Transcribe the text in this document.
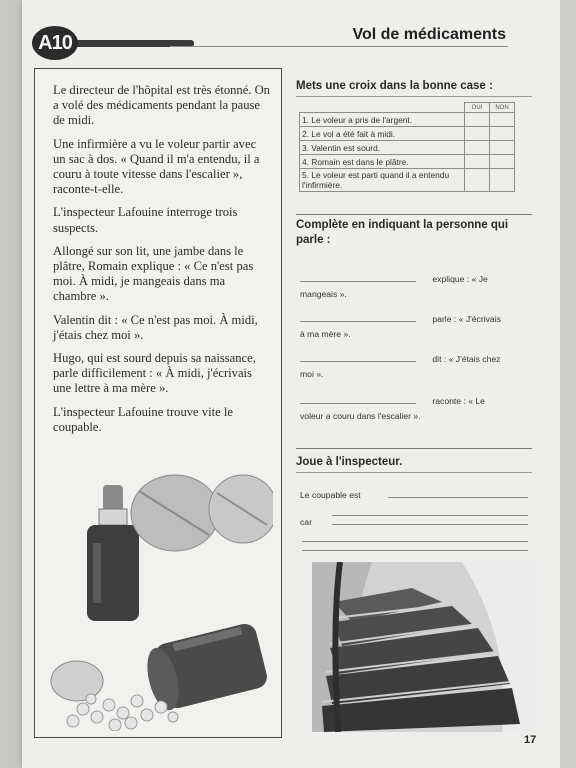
A10	Vol de médicaments

Le directeur de l'hôpital est très étonné. On a volé des médicaments pendant la pause de midi.

Une infirmière a vu le voleur partir avec un sac à dos. « Quand il m'a entendu, il a couru à toute vitesse dans l'escalier », raconte-t-elle.

L'inspecteur Lafouine interroge trois suspects.

Allongé sur son lit, une jambe dans le plâtre, Romain explique : « Ce n'est pas moi. À midi, je mangeais dans ma chambre ».

Valentin dit : « Ce n'est pas moi. À midi, j'étais chez moi ».

Hugo, qui est sourd depuis sa naissance, parle difficilement : « À midi, j'écrivais une lettre à ma mère ».

L'inspecteur Lafouine trouve vite le coupable.

Mets une croix dans la bonne case :
	OUI	NON
1. Le voleur a pris de l'argent.		
2. Le vol a été fait à midi.		
3. Valentin est sourd.		
4. Romain est dans le plâtre.		
5. Le voleur est parti quand il a entendu l'infirmière.		
Complète en indiquant la personne qui parle :
explique : « Je
mangeais ».
parle : « J'écrivais
à ma mère ».
dit : « J'étais chez
moi ».
raconte : « Le
voleur a couru dans l'escalier ».
Joue à l'inspecteur.
Le coupable est
car
17
